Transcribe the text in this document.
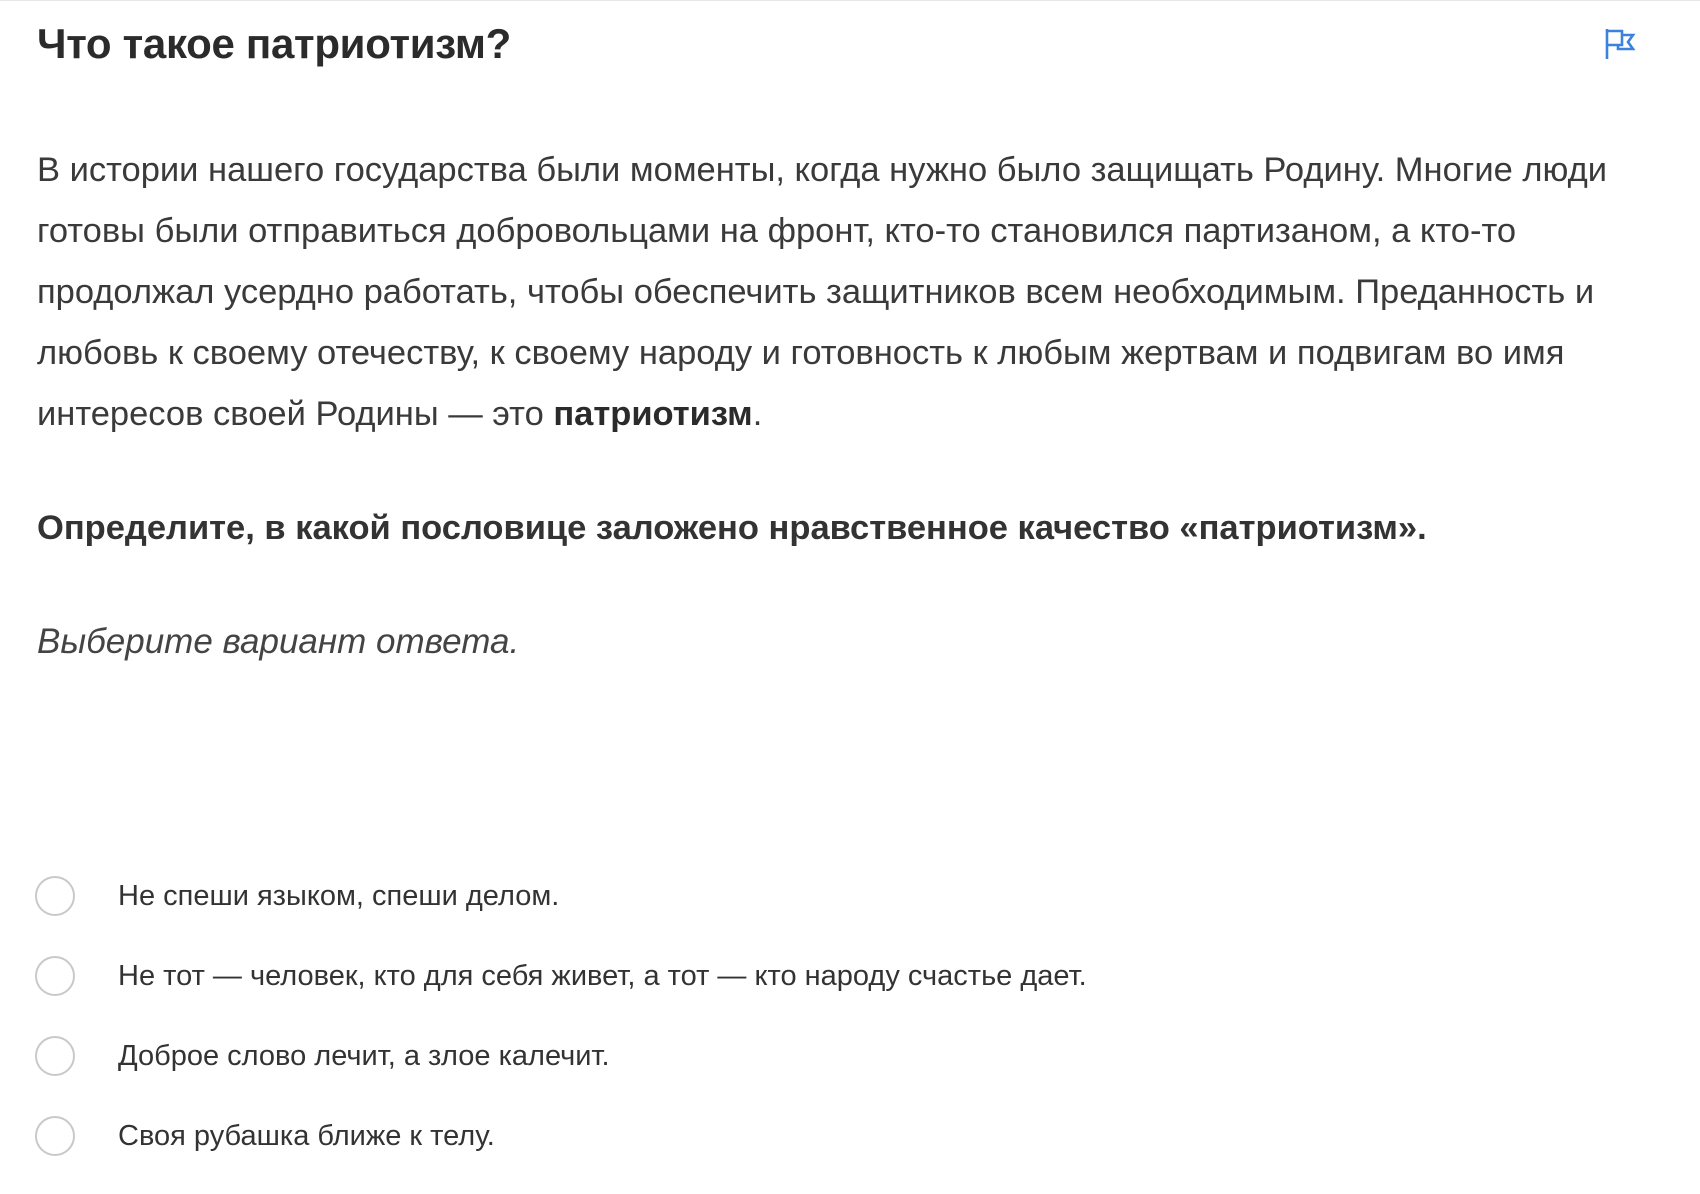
Что такое патриотизм?

В истории нашего государства были моменты, когда нужно было защищать Родину. Многие люди готовы были отправиться добровольцами на фронт, кто-то становился партизаном, а кто-то продолжал усердно работать, чтобы обеспечить защитников всем необходимым. Преданность и любовь к своему отечеству, к своему народу и готовность к любым жертвам и подвигам во имя интересов своей Родины — это патриотизм.

Определите, в какой пословице заложено нравственное качество «патриотизм».

Выберите вариант ответа.

Не спеши языком, спеши делом.
Не тот — человек, кто для себя живет, а тот — кто народу счастье дает.
Доброе слово лечит, а злое калечит.
Своя рубашка ближе к телу.
